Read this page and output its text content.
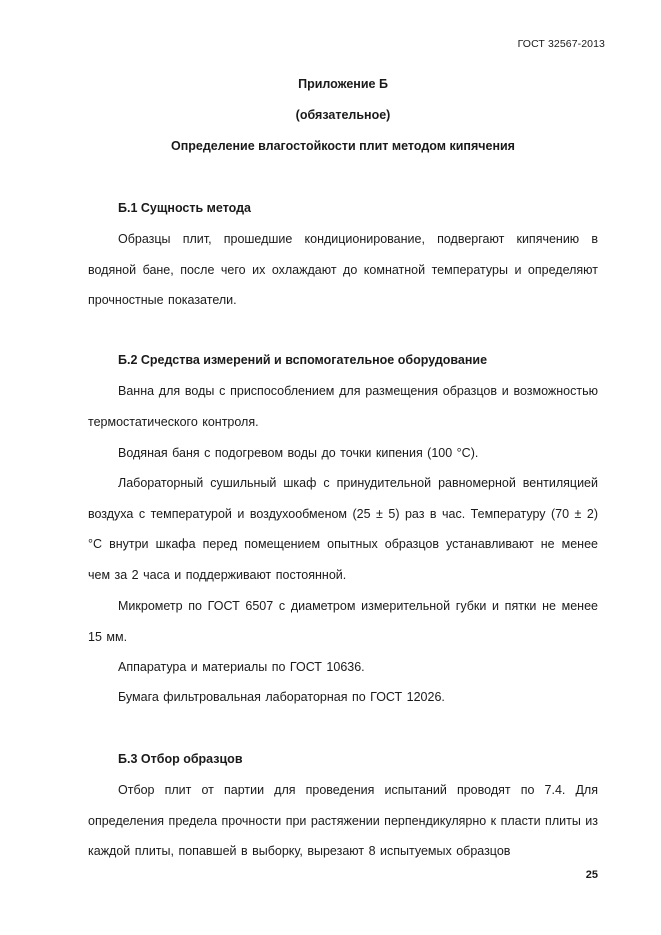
ГОСТ 32567-2013
Приложение Б
(обязательное)
Определение влагостойкости плит методом кипячения
Б.1 Сущность метода
Образцы плит, прошедшие кондиционирование, подвергают кипячению в водяной бане, после чего их охлаждают до комнатной температуры и определяют прочностные показатели.
Б.2 Средства измерений и вспомогательное оборудование
Ванна для воды с приспособлением для размещения образцов и возможностью термостатического контроля.
Водяная баня с подогревом воды до точки кипения (100 °С).
Лабораторный сушильный шкаф с принудительной равномерной вентиляцией воздуха с температурой и воздухообменом (25 ± 5) раз в час. Температуру (70 ± 2) °С внутри шкафа перед помещением опытных образцов устанавливают не менее чем за 2 часа и поддерживают постоянной.
Микрометр по ГОСТ 6507 с диаметром измерительной губки и пятки не менее 15 мм.
Аппаратура и материалы по ГОСТ 10636.
Бумага фильтровальная лабораторная по ГОСТ 12026.
Б.3 Отбор образцов
Отбор плит от партии для проведения испытаний проводят по 7.4. Для определения предела прочности при растяжении перпендикулярно к пласти плиты из каждой плиты, попавшей в выборку, вырезают 8 испытуемых образцов
25
